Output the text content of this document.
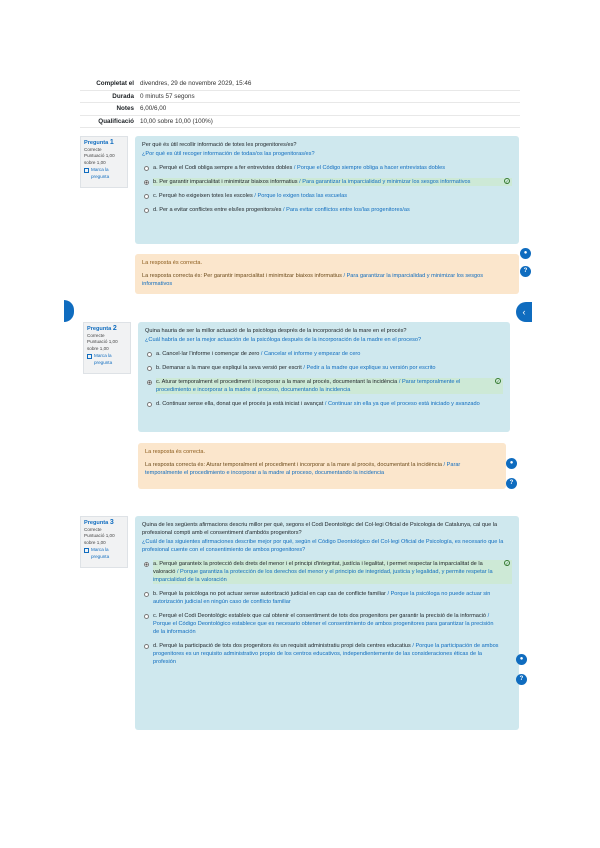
Completat el divendres, 29 de novembre 2029, 15:46
Durada 0 minuts 57 segons
Notes 6,00/6,00
Qualificació 10,00 sobre 10,00 (100%)
Pregunta 1
Correcte
Puntuació 1,00 sobre 1,00
Marca la pregunta
Per què és útil recollir informació de totes les progenitores/es?
¿Por qué es útil recoger información de todas/os las progenitoras/es?
a. Perquè el Codi obliga sempre a fer entrevistes dobles / Porque el Código siempre obliga a hacer entrevistas dobles
b. Per garantir imparcialitat i minimitzar biaixos informatius / Para garantizar la imparcialidad y minimizar los sesgos informativos	✓
c. Perquè ho exigeixen totes les escoles / Porque lo exigen todas las escuelas
d. Per a evitar conflictes entre els/les progenitors/es / Para evitar conflictos entre los/las progenitores/as
La resposta és correcta.
La resposta correcta és: Per garantir imparcialitat i minimitzar biaixos informatius / Para garantizar la imparcialidad y minimizar los sesgos informativos
‹
●
?
Pregunta 2
Correcte
Puntuació 1,00 sobre 1,00
Marca la pregunta
Quina hauria de ser la millor actuació de la psicòloga després de la incorporació de la mare en el procés?
¿Cuál habría de ser la mejor actuación de la psicóloga después de la incorporación de la madre en el proceso?
a. Cancel·lar l'informe i començar de zero / Cancelar el informe y empezar de cero
b. Demanar a la mare que expliqui la seva versió per escrit / Pedir a la madre que explique su versión por escrito
c. Aturar temporalment el procediment i incorporar a la mare al procés, documentant la incidència / Parar temporalmente el procedimiento e incorporar a la madre al proceso, documentando la incidencia
✓
d. Continuar sense ella, donat que el procés ja està iniciat i avançat / Continuar sin ella ya que el proceso está iniciado y avanzado
La resposta és correcta.
La resposta correcta és: Aturar temporalment el procediment i incorporar a la mare al procés, documentant la incidència / Parar temporalmente el procedimiento e incorporar a la madre al proceso, documentando la incidencia
●
?
Pregunta 3
Correcte
Puntuació 1,00 sobre 1,00
Marca la pregunta
Quina de les següents afirmacions descriu millor per què, segons el Codi Deontològic del Col·legi Oficial de Psicologia de Catalunya, cal que la professional compti amb el consentiment d'ambdós progenitors?
¿Cuál de las siguientes afirmaciones describe mejor por qué, según el Código Deontológico del Col·legi Oficial de Psicología, es necesario que la profesional cuente con el consentimiento de ambos progenitores?
a. Perquè garanteix la protecció dels drets del menor i el principi d'integritat, justícia i legalitat, i permet respectar la imparcialitat de la valoració / Porque garantiza la protección de los derechos del menor y el principio de integridad, justicia y legalidad, y permite respetar la imparcialidad de la valoración
✓
b. Perquè la psicòloga no pot actuar sense autorització judicial en cap cas de conflicte familiar / Porque la psicóloga no puede actuar sin autorización judicial en ningún caso de conflicto familiar
c. Perquè el Codi Deontològic estableix que cal obtenir el consentiment de tots dos progenitors per garantir la precisió de la informació / Porque el Código Deontológico establece que es necesario obtener el consentimiento de ambos progenitores para garantizar la precisión de la información
d. Perquè la participació de tots dos progenitors és un requisit administratiu propi dels centres educatius / Porque la participación de ambos progenitores es un requisito administrativo propio de los centros educativos, independientemente de las consideraciones éticas de la profesión	●
?
